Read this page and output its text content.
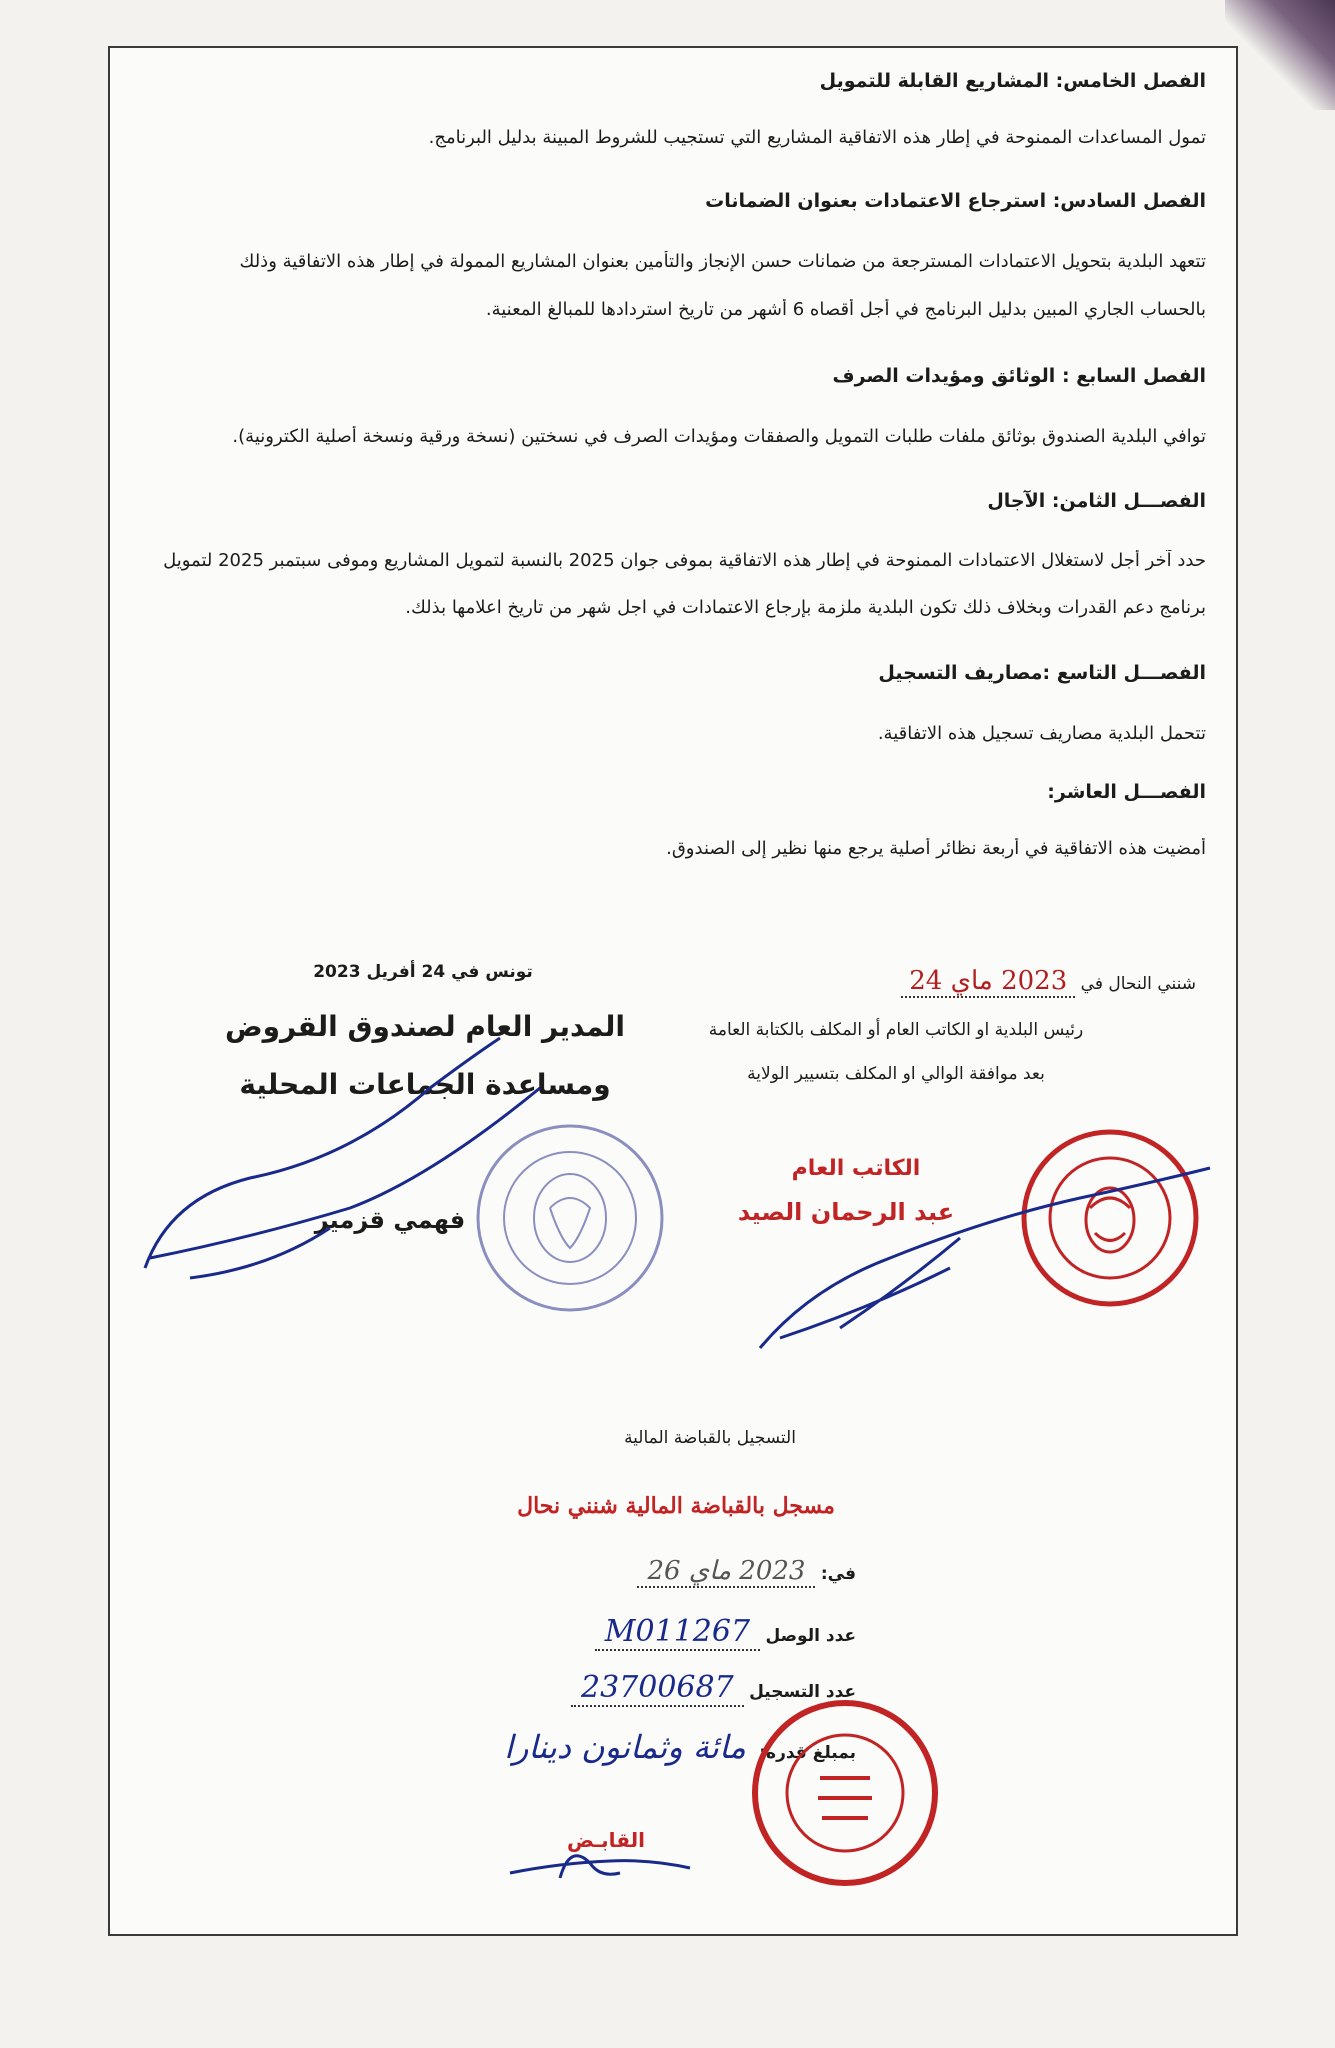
الفصل الخامس: المشاريع القابلة للتمويل
تمول المساعدات الممنوحة في إطار هذه الاتفاقية المشاريع التي تستجيب للشروط المبينة بدليل البرنامج.
الفصل السادس: استرجاع الاعتمادات بعنوان الضمانات
تتعهد البلدية بتحويل الاعتمادات المسترجعة من ضمانات حسن الإنجاز والتأمين بعنوان المشاريع الممولة في إطار هذه الاتفاقية وذلك
بالحساب الجاري المبين بدليل البرنامج في أجل أقصاه 6 أشهر من تاريخ استردادها للمبالغ المعنية.
الفصل السابع : الوثائق ومؤيدات الصرف
توافي البلدية الصندوق بوثائق ملفات طلبات التمويل والصفقات ومؤيدات الصرف في نسختين (نسخة ورقية ونسخة أصلية الكترونية).
الفصـــل الثامن: الآجال
حدد آخر أجل لاستغلال الاعتمادات الممنوحة في إطار هذه الاتفاقية بموفى جوان 2025 بالنسبة لتمويل المشاريع وموفى سبتمبر 2025 لتمويل
برنامج دعم القدرات وبخلاف ذلك تكون البلدية ملزمة بإرجاع الاعتمادات في اجل شهر من تاريخ اعلامها بذلك.
الفصـــل التاسع :مصاريف التسجيل
تتحمل البلدية مصاريف تسجيل هذه الاتفاقية.
الفصـــل العاشر:
أمضيت هذه الاتفاقية في أربعة نظائر أصلية يرجع منها نظير إلى الصندوق.
شنني النحال في 2023 ماي 24
رئيس البلدية او الكاتب العام أو المكلف بالكتابة العامة
بعد موافقة الوالي او المكلف بتسيير الولاية
الكاتب العام
عبد الرحمان الصيد
تونس في 24 أفريل 2023
المدير العام لصندوق القروض
ومساعدة الجماعات المحلية
فهمي قزمير
التسجيل بالقباضة المالية
مسجل بالقباضة المالية شنني نحال
في: 2023 ماي 26
عدد الوصل M011267
عدد التسجيل 23700687
بمبلغ قدره: مائة وثمانون دينارا
القابـض
